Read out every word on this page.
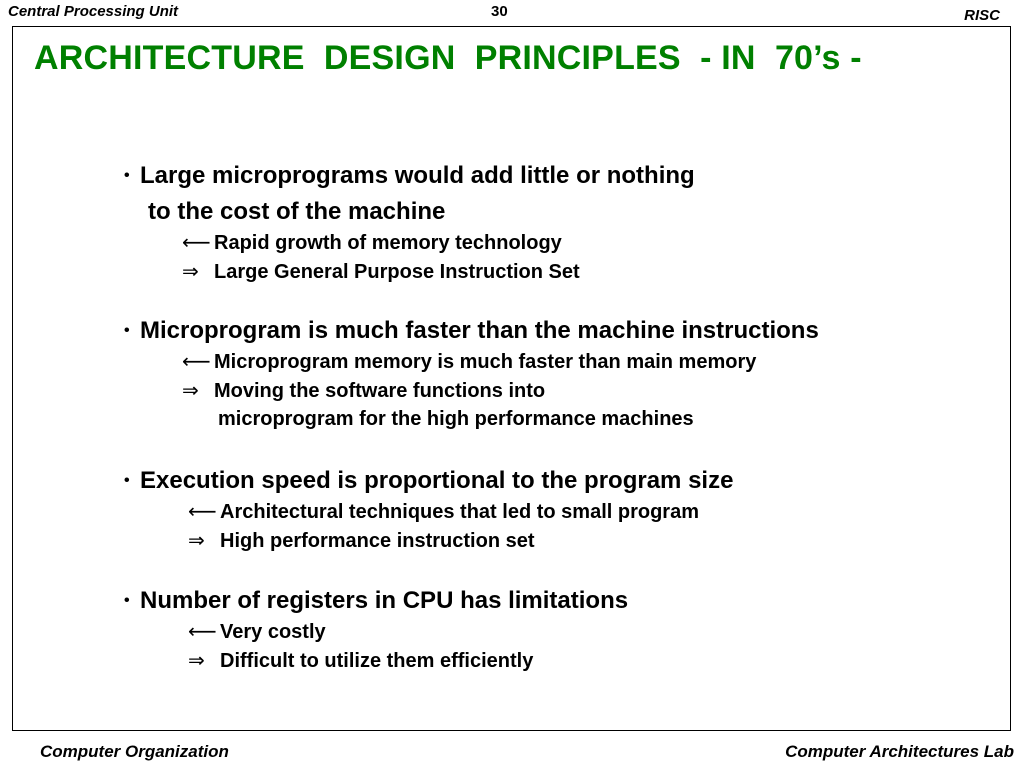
Central Processing Unit	30	RISC
ARCHITECTURE  DESIGN  PRINCIPLES  - IN  70’s -
• Large microprograms would add little or nothing
to the cost of the machine
⟵ Rapid growth of memory technology
⇒ Large General Purpose Instruction Set
• Microprogram is much faster than the machine instructions
⟵ Microprogram memory is much faster than main memory
⇒ Moving the software functions into
microprogram for the high performance machines
• Execution speed is proportional to the program size
⟵ Architectural techniques that led to small program
⇒ High performance instruction set
• Number of registers in CPU has limitations
⟵ Very costly
⇒ Difficult to utilize them efficiently
Computer Organization	Computer Architectures Lab
